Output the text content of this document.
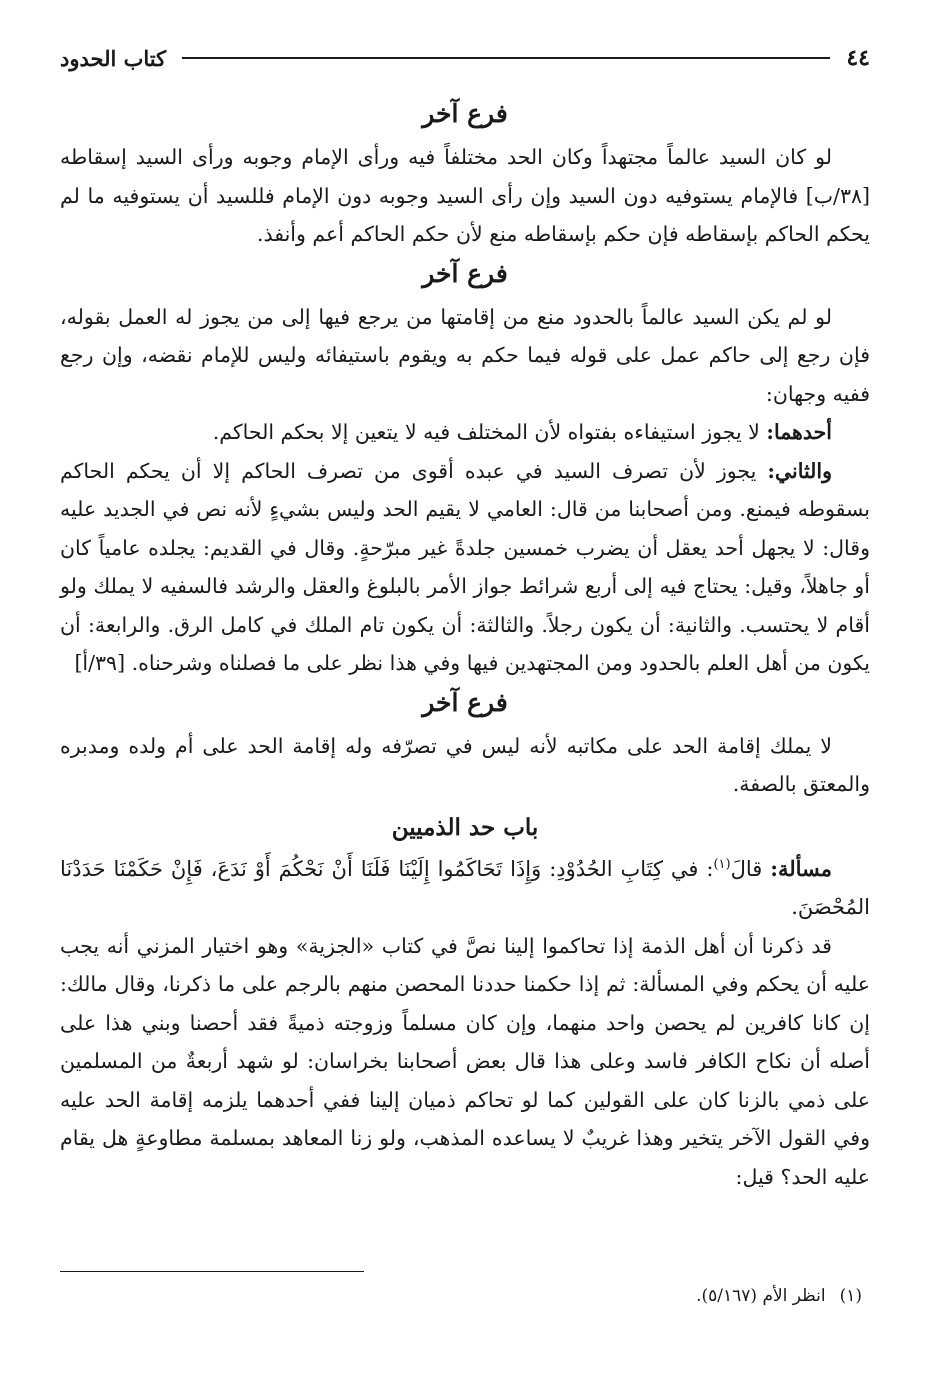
٤٤
كتاب الحدود
فرع آخر

لو كان السيد عالماً مجتهداً وكان الحد مختلفاً فيه ورأى الإمام وجوبه ورأى السيد إسقاطه [٣٨/ب] فالإمام يستوفيه دون السيد وإن رأى السيد وجوبه دون الإمام فللسيد أن يستوفيه ما لم يحكم الحاكم بإسقاطه فإن حكم بإسقاطه منع لأن حكم الحاكم أعم وأنفذ.

فرع آخر

لو لم يكن السيد عالماً بالحدود منع من إقامتها من يرجع فيها إلى من يجوز له العمل بقوله، فإن رجع إلى حاكم عمل على قوله فيما حكم به ويقوم باستيفائه وليس للإمام نقضه، وإن رجع ففيه وجهان:

أحدهما: لا يجوز استيفاءه بفتواه لأن المختلف فيه لا يتعين إلا بحكم الحاكم.

والثاني: يجوز لأن تصرف السيد في عبده أقوى من تصرف الحاكم إلا أن يحكم الحاكم بسقوطه فيمنع. ومن أصحابنا من قال: العامي لا يقيم الحد وليس بشيءٍ لأنه نص في الجديد عليه وقال: لا يجهل أحد يعقل أن يضرب خمسين جلدةً غير مبرّحةٍ. وقال في القديم: يجلده عامياً كان أو جاهلاً، وقيل: يحتاج فيه إلى أربع شرائط جواز الأمر بالبلوغ والعقل والرشد فالسفيه لا يملك ولو أقام لا يحتسب. والثانية: أن يكون رجلاً. والثالثة: أن يكون تام الملك في كامل الرق. والرابعة: أن يكون من أهل العلم بالحدود ومن المجتهدين فيها وفي هذا نظر على ما فصلناه وشرحناه. [٣٩/أ]

فرع آخر

لا يملك إقامة الحد على مكاتبه لأنه ليس في تصرّفه وله إقامة الحد على أم ولده ومدبره والمعتق بالصفة.

باب حد الذميين

مسألة: قالَ$^{(١)}$: في كِتَابِ الحُدُوْدِ: وَإِذَا تَحَاكَمُوا إِلَيْنَا فَلَنَا أَنْ نَحْكُمَ أَوْ نَدَعَ، فَإِنْ حَكَمْنَا حَدَدْنَا المُحْصَنَ.

قد ذكرنا أن أهل الذمة إذا تحاكموا إلينا نصَّ في كتاب «الجزية» وهو اختيار المزني أنه يجب عليه أن يحكم وفي المسألة: ثم إذا حكمنا حددنا المحصن منهم بالرجم على ما ذكرنا، وقال مالك: إن كانا كافرين لم يحصن واحد منهما، وإن كان مسلماً وزوجته ذميةً فقد أحصنا وبني هذا على أصله أن نكاح الكافر فاسد وعلى هذا قال بعض أصحابنا بخراسان: لو شهد أربعةٌ من المسلمين على ذمي بالزنا كان على القولين كما لو تحاكم ذميان إلينا ففي أحدهما يلزمه إقامة الحد عليه وفي القول الآخر يتخير وهذا غريبٌ لا يساعده المذهب، ولو زنا المعاهد بمسلمة مطاوعةٍ هل يقام عليه الحد؟ قيل:

(١)انظر الأم (٥/١٦٧).
